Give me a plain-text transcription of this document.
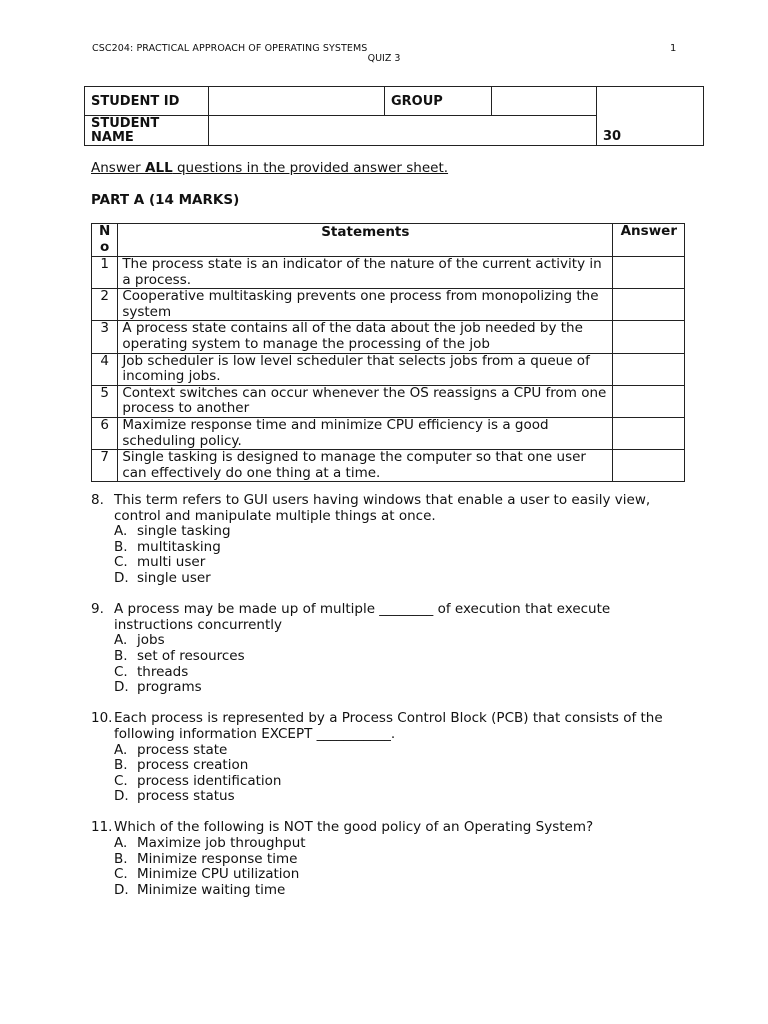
CSC204: PRACTICAL APPROACH OF OPERATING SYSTEMS	1
QUIZ 3
STUDENT ID		GROUP		30
STUDENT NAME				
Answer ALL questions in the provided answer sheet.
PART A (14 MARKS)
No	Statements	Answer
1	The process state is an indicator of the nature of the current activity in a process.	
2	Cooperative multitasking prevents one process from monopolizing the system	
3	A process state contains all of the data about the job needed by the operating system to manage the processing of the job	
4	Job scheduler is low level scheduler that selects jobs from a queue of incoming jobs.	
5	Context switches can occur whenever the OS reassigns a CPU from one process to another	
6	Maximize response time and minimize CPU efficiency is a good scheduling policy.	
7	Single tasking is designed to manage the computer so that one user can effectively do one thing at a time.	
8. This term refers to GUI users having windows that enable a user to easily view, control and manipulate multiple things at once.
A. single tasking
B. multitasking
C. multi user
D. single user
9. A process may be made up of multiple ________ of execution that execute instructions concurrently
A. jobs
B. set of resources
C. threads
D. programs
10. Each process is represented by a Process Control Block (PCB) that consists of the following information EXCEPT ___________.
A. process state
B. process creation
C. process identification
D. process status
11. Which of the following is NOT the good policy of an Operating System?
A. Maximize job throughput
B. Minimize response time
C. Minimize CPU utilization
D. Minimize waiting time
